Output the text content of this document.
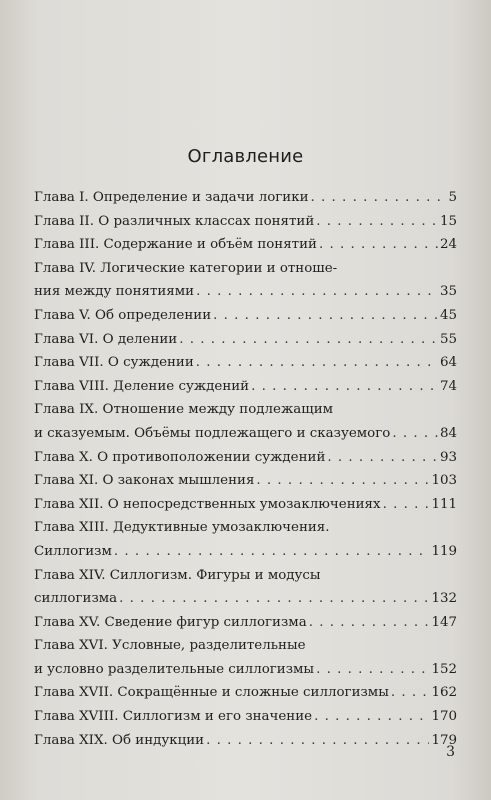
Оглавление
Глава I. Определение и задачи логики . . .	5
Глава II. О различных классах понятий . . .	15
Глава III. Содержание и объём понятий . . .	24
Глава IV. Логические категории и отноше-
ния между понятиями . . .	35
Глава V. Об определении . . .	45
Глава VI. О делении . . .	55
Глава VII. О суждении . . .	64
Глава VIII. Деление суждений . . .	74
Глава IX. Отношение между подлежащим
и сказуемым. Объёмы подлежащего и сказуемого . . .	84
Глава X. О противоположении суждений . . .	93
Глава XI. О законах мышления . . .	103
Глава XII. О непосредственных умозаключениях . . .	111
Глава XIII. Дедуктивные умозаключения.
Силлогизм . . .	119
Глава XIV. Силлогизм. Фигуры и модусы
силлогизма . . .	132
Глава XV. Сведение фигур силлогизма . . .	147
Глава XVI. Условные, разделительные
и условно разделительные силлогизмы . . .	152
Глава XVII. Сокращённые и сложные силлогизмы . . .	162
Глава XVIII. Силлогизм и его значение . . .	170
Глава XIX. Об индукции . . .	179
3
